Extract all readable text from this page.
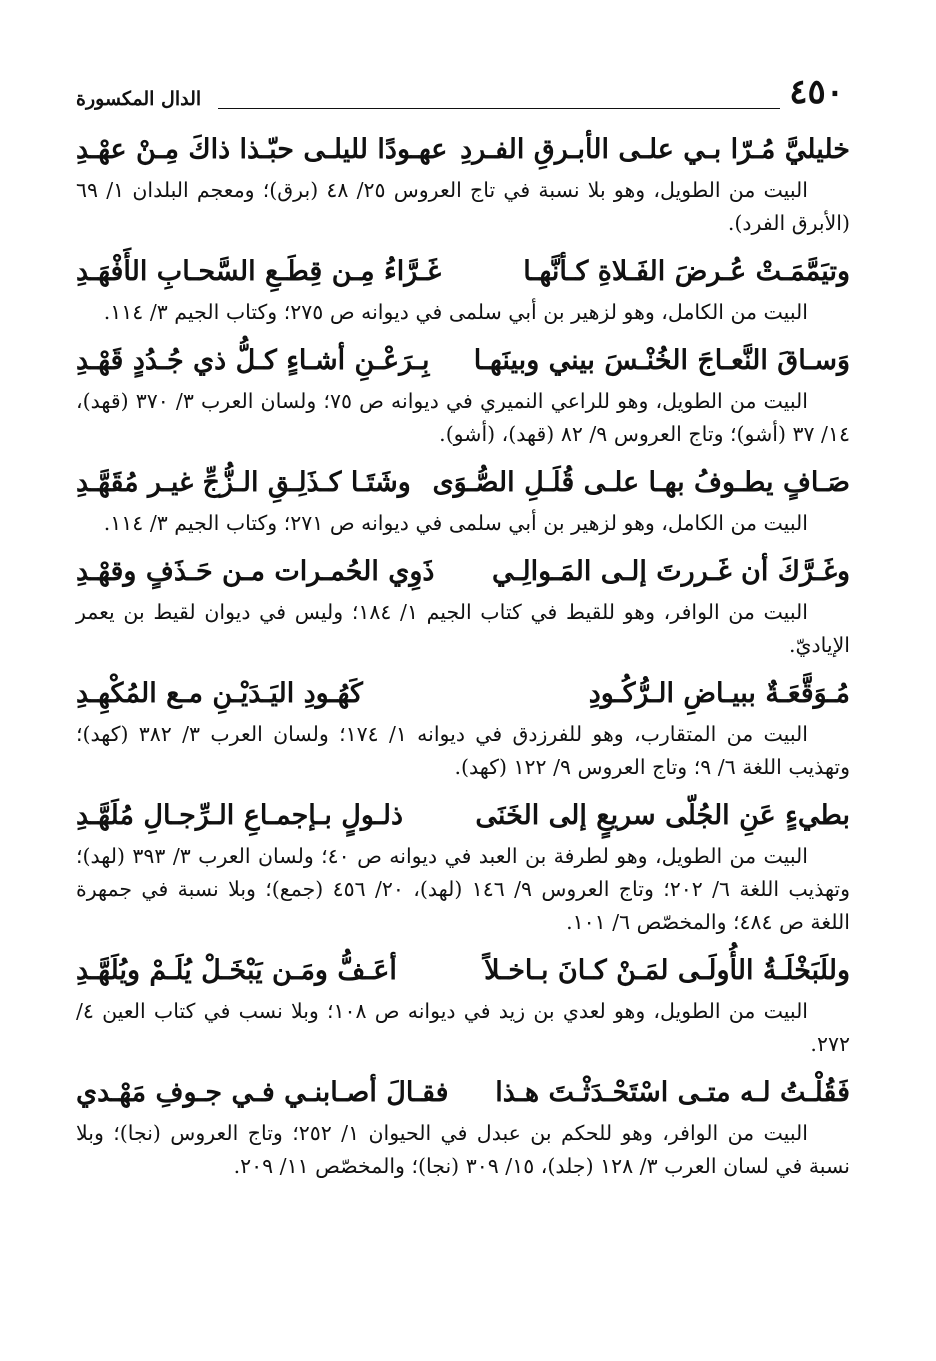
٤٥٠
الدال المكسورة
خليليَّ مُـرّا بـي علـى الأبـرقِ الفـردِ
عهـودًا لليلـى حبّـذا ذاكَ مِـنْ عهْـدِ
البيت من الطويل، وهو بلا نسبة في تاج العروس ٢٥/ ٤٨ (برق)؛ ومعجم البلدان ١/ ٦٩ (الأبرق الفرد).
وتيَمَّمَـتْ عُـرضَ الفَـلاةِ كـأنَّهـا
غَـرَّاءُ مِـن قِطَـعِ السَّحـابِ الأَفْهَـدِ
البيت من الكامل، وهو لزهير بن أبي سلمى في ديوانه ص ٢٧٥؛ وكتاب الجيم ٣/ ١١٤.
وَسـاقَ النَّعـاجَ الخُنْـسَ بيني وبينَهـا
بِـرَعْـنِ أشـاءٍ كـلُّ ذي جُـدُدٍ قَهْـدِ
البيت من الطويل، وهو للراعي النميري في ديوانه ص ٧٥؛ ولسان العرب ٣/ ٣٧٠ (قهد)، ١٤/ ٣٧ (أشو)؛ وتاج العروس ٩/ ٨٢ (قهد)، (أشو).
صَـافٍ يطـوفُ بهـا علـى قُلَـلِ الصُّـوَى
وشَتَـا كـذَلِـقِ الـزُّجِّ غيـر مُقَهَّـدِ
البيت من الكامل، وهو لزهير بن أبي سلمى في ديوانه ص ٢٧١؛ وكتاب الجيم ٣/ ١١٤.
وغَـرَّكَ أن غَـررتَ إلـى المَـوالِـي
ذَوِي الحُمـرات مـن حَـذَفٍ وقهْـدِ
البيت من الوافر، وهو للقيط في كتاب الجيم ١/ ١٨٤؛ وليس في ديوان لقيط بن يعمر الإياديّ.
مُـوَقَّعَـةٌ ببيـاضِ الـرُّكُـودِ
كَهُـودِ اليَـدَيْـنِ مـع المُكْهِـدِ
البيت من المتقارب، وهو للفرزدق في ديوانه ١/ ١٧٤؛ ولسان العرب ٣/ ٣٨٢ (كهد)؛ وتهذيب اللغة ٦/ ٩؛ وتاج العروس ٩/ ١٢٢ (كهد).
بطيءٍ عَنِ الجُلّى سريعٍ إلى الخَنَى
ذلـولٍ بـإجمـاعِ الـرِّجـالِ مُلَهَّـدِ
البيت من الطويل، وهو لطرفة بن العبد في ديوانه ص ٤٠؛ ولسان العرب ٣/ ٣٩٣ (لهد)؛ وتهذيب اللغة ٦/ ٢٠٢؛ وتاج العروس ٩/ ١٤٦ (لهد)، ٢٠/ ٤٥٦ (جمع)؛ وبلا نسبة في جمهرة اللغة ص ٤٨٤؛ والمخصّص ٦/ ١٠١.
وللَبَخْلَـةُ الأُولَـى لمَـنْ كـانَ بـاخـلاً
أعَـفُّ ومَـن يَبْخَـلْ يُلَـمْ ويُلَهَّـدِ
البيت من الطويل، وهو لعدي بن زيد في ديوانه ص ١٠٨؛ وبلا نسب في كتاب العين ٤/ ٢٧٢.
فَقُلْـتُ لـه متـى اسْتَحْـدَثْـتَ هـذا
فقـالَ أصـابنـي فـي جـوفِ مَهْـدي
البيت من الوافر، وهو للحكم بن عبدل في الحيوان ١/ ٢٥٢؛ وتاج العروس (نجا)؛ وبلا نسبة في لسان العرب ٣/ ١٢٨ (جلد)، ١٥/ ٣٠٩ (نجا)؛ والمخصّص ١١/ ٢٠٩.
